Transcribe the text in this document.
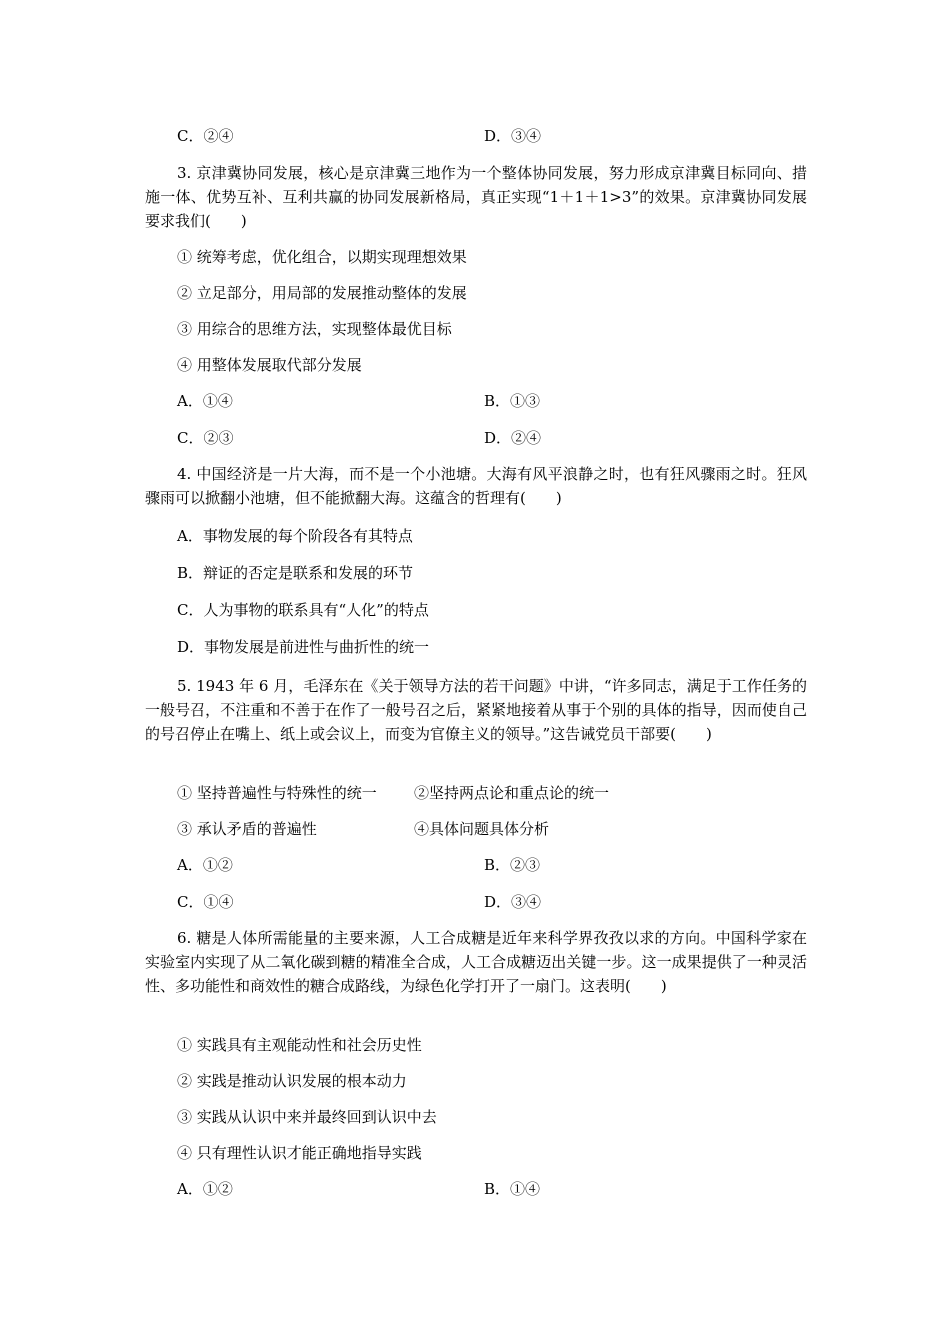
C．②④	D．③④
3. 京津冀协同发展，核心是京津冀三地作为一个整体协同发展，努力形成京津冀目标同向、措施一体、优势互补、互利共赢的协同发展新格局，真正实现“1＋1＋1>3”的效果。京津冀协同发展要求我们(　　)
① 统筹考虑，优化组合，以期实现理想效果
② 立足部分，用局部的发展推动整体的发展
③ 用综合的思维方法，实现整体最优目标
④ 用整体发展取代部分发展
A．①④	B．①③
C．②③	D．②④
4. 中国经济是一片大海，而不是一个小池塘。大海有风平浪静之时，也有狂风骤雨之时。狂风骤雨可以掀翻小池塘，但不能掀翻大海。这蕴含的哲理有(　　)
A．事物发展的每个阶段各有其特点
B．辩证的否定是联系和发展的环节
C．人为事物的联系具有“人化”的特点
D．事物发展是前进性与曲折性的统一
5. 1943 年 6 月，毛泽东在《关于领导方法的若干问题》中讲，“许多同志，满足于工作任务的一般号召，不注重和不善于在作了一般号召之后，紧紧地接着从事于个别的具体的指导，因而使自己的号召停止在嘴上、纸上或会议上，而变为官僚主义的领导。”这告诫党员干部要(　　)
① 坚持普遍性与特殊性的统一 ②坚持两点论和重点论的统一
③ 承认矛盾的普遍性	④具体问题具体分析
A．①②	B．②③
C．①④	D．③④
6. 糖是人体所需能量的主要来源，人工合成糖是近年来科学界孜孜以求的方向。中国科学家在实验室内实现了从二氧化碳到糖的精准全合成，人工合成糖迈出关键一步。这一成果提供了一种灵活性、多功能性和商效性的糖合成路线，为绿色化学打开了一扇门。这表明(　　)
① 实践具有主观能动性和社会历史性
② 实践是推动认识发展的根本动力
③ 实践从认识中来并最终回到认识中去
④ 只有理性认识才能正确地指导实践
A．①②	B．①④
